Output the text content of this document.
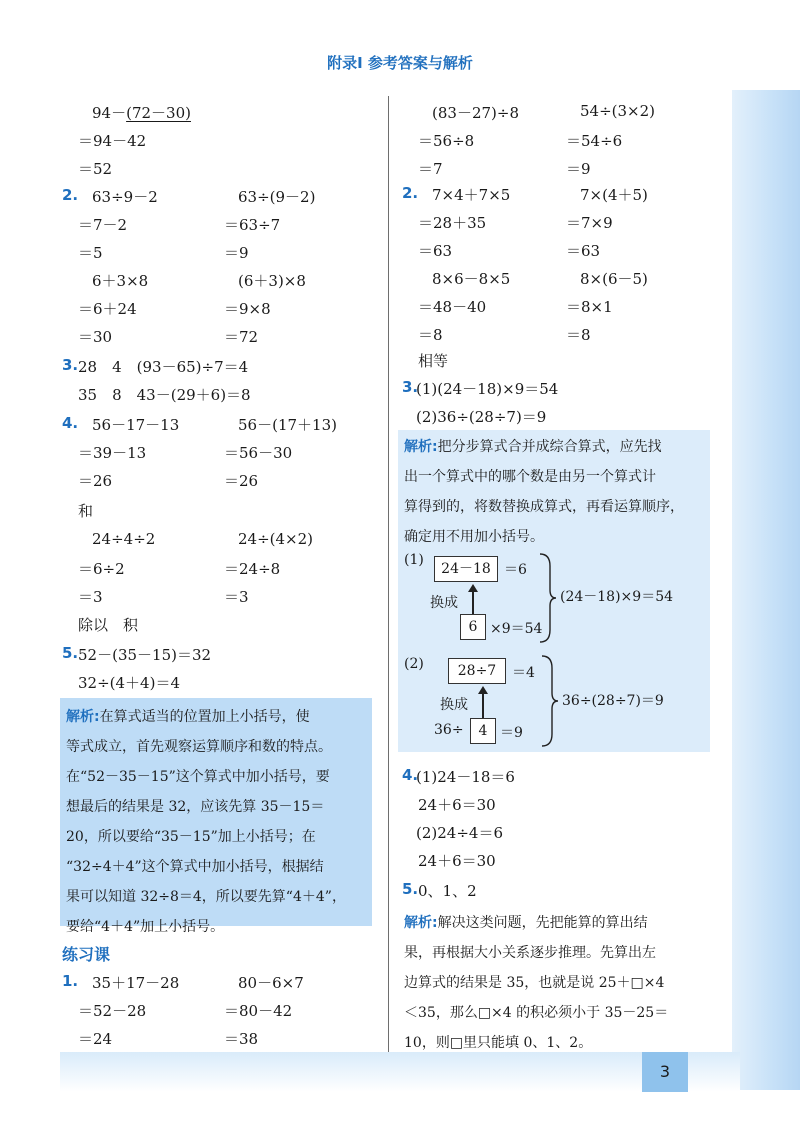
附录Ⅰ 参考答案与解析
94－(72－30)
＝94－42
＝52
2. 63÷9－2
＝7－2
＝5
63÷(9－2)
＝63÷7
＝9
6＋3×8
＝6＋24
＝30
(6＋3)×8
＝9×8
＝72
3. 28　4　(93－65)÷7＝4
35　8　43－(29＋6)＝8
4. 56－17－13
＝39－13
＝26
56－(17＋13)
＝56－30
＝26
和
24÷4÷2
＝6÷2
＝3
24÷(4×2)
＝24÷8
＝3
除以　积
5. 52－(35－15)＝32
32÷(4＋4)＝4
解析:在算式适当的位置加上小括号，使
等式成立，首先观察运算顺序和数的特点。
在“52－35－15”这个算式中加小括号，要
想最后的结果是 32，应该先算 35－15＝
20，所以要给“35－15”加上小括号；在
“32÷4＋4”这个算式中加小括号，根据结
果可以知道 32÷8＝4，所以要先算“4＋4”，
要给“4＋4”加上小括号。
练习课
1. 35＋17－28
＝52－28
＝24
80－6×7
＝80－42
＝38
(83－27)÷8
＝56÷8
＝7
54÷(3×2)
＝54÷6
＝9
2. 7×4＋7×5
＝28＋35
＝63
7×(4＋5)
＝7×9
＝63
8×6－8×5
＝48－40
＝8
8×(6－5)
＝8×1
＝8
相等
3.
(1)(24－18)×9＝54
(2)36÷(28÷7)＝9
解析:把分步算式合并成综合算式，应先找
出一个算式中的哪个数是由另一个算式计
算得到的，将数替换成算式，再看运算顺序，
确定用不用加小括号。
(1)
24－18 ＝6
换成
6 ×9＝54
(24－18)×9＝54
(2)	28÷7	＝4
换成
36÷	4 ＝9
36÷(28÷7)＝9
4.
(1)24－18＝6
24＋6＝30
(2)24÷4＝6
24＋6＝30
5. 0、1、2
解析:解决这类问题，先把能算的算出结
果，再根据大小关系逐步推理。先算出左
边算式的结果是 35，也就是说 25＋□×4
＜35，那么□×4 的积必须小于 35－25＝
10，则□里只能填 0、1、2。
3
